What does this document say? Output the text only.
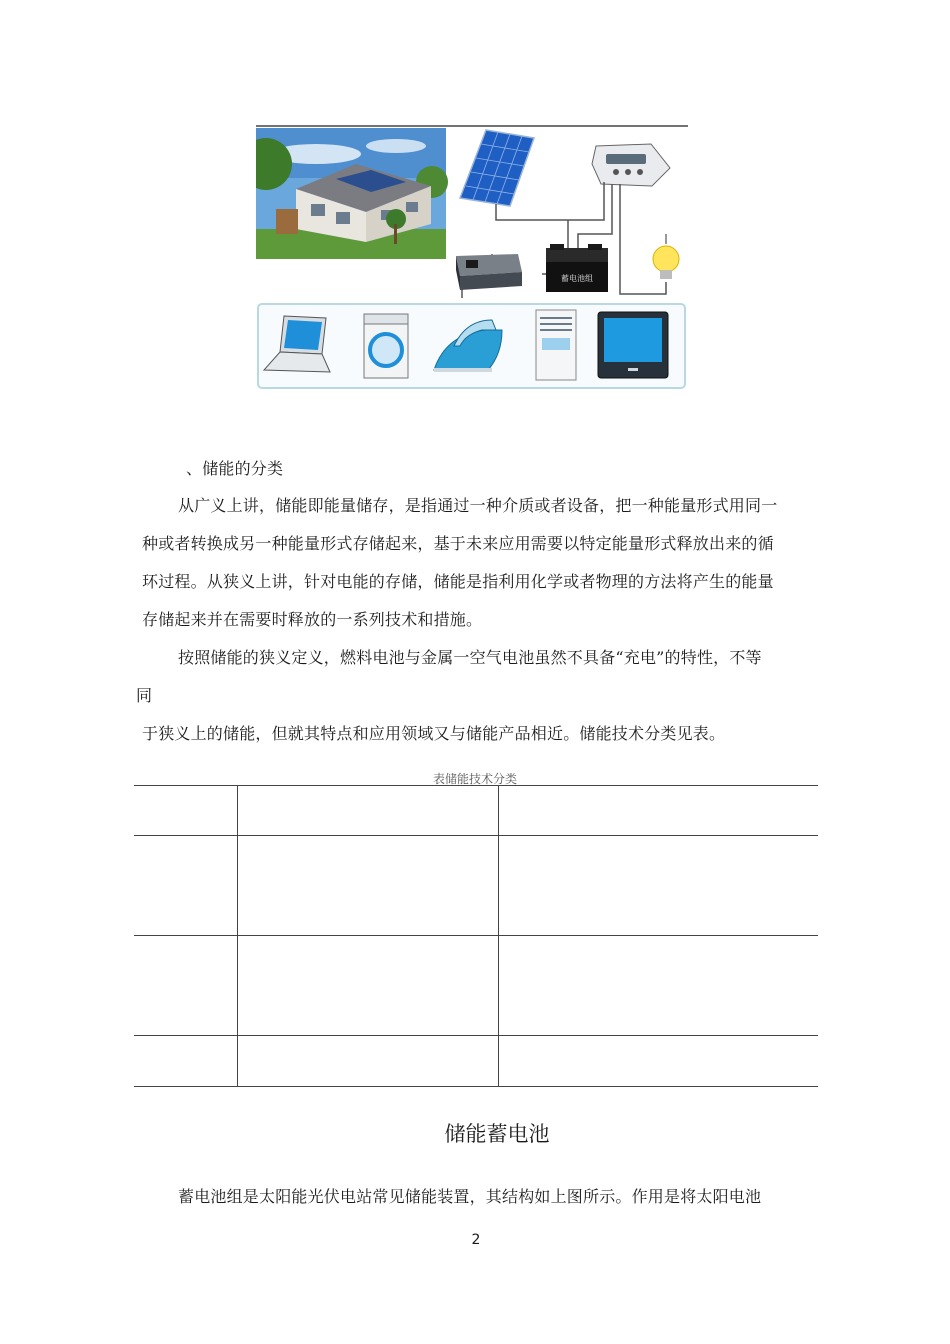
蓄电池组
、储能的分类
从广义上讲，储能即能量储存，是指通过一种介质或者设备，把一种能量形式用同一
种或者转换成另一种能量形式存储起来，基于未来应用需要以特定能量形式释放出来的循
环过程。从狭义上讲，针对电能的存储，储能是指利用化学或者物理的方法将产生的能量
存储起来并在需要时释放的一系列技术和措施。
按照储能的狭义定义，燃料电池与金属一空气电池虽然不具备“充电”的特性，不等
同
于狭义上的储能，但就其特点和应用领域又与储能产品相近。储能技术分类见表。
表储能技术分类

储能蓄电池
蓄电池组是太阳能光伏电站常见储能装置，其结构如上图所示。作用是将太阳电池
2
